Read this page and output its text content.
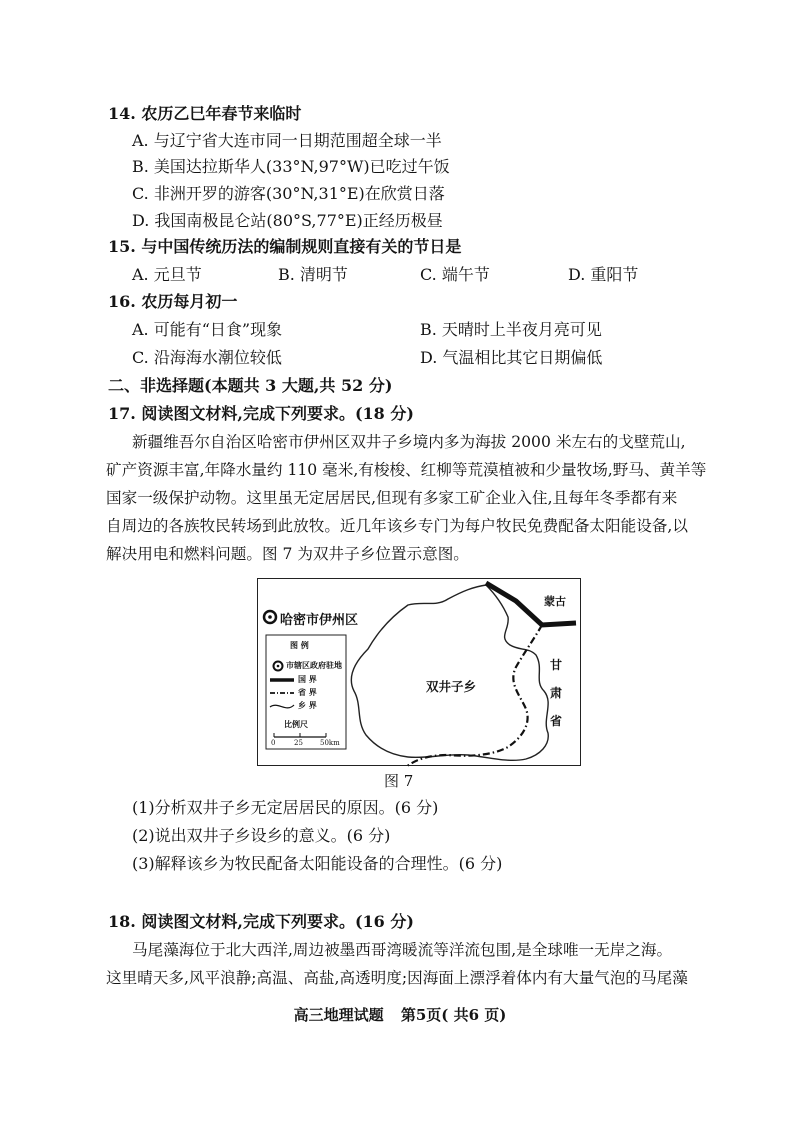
14. 农历乙巳年春节来临时
A. 与辽宁省大连市同一日期范围超全球一半
B. 美国达拉斯华人(33°N,97°W)已吃过午饭
C. 非洲开罗的游客(30°N,31°E)在欣赏日落
D. 我国南极昆仑站(80°S,77°E)正经历极昼
15. 与中国传统历法的编制规则直接有关的节日是
A. 元旦节	B. 清明节	C. 端午节	D. 重阳节
16. 农历每月初一
A. 可能有“日食”现象	B. 天晴时上半夜月亮可见
C. 沿海海水潮位较低	D. 气温相比其它日期偏低
二、非选择题(本题共 3 大题,共 52 分)
17. 阅读图文材料,完成下列要求。(18 分)
新疆维吾尔自治区哈密市伊州区双井子乡境内多为海拔 2000 米左右的戈壁荒山,
矿产资源丰富,年降水量约 110 毫米,有梭梭、红柳等荒漠植被和少量牧场,野马、黄羊等
国家一级保护动物。这里虽无定居居民,但现有多家工矿企业入住,且每年冬季都有来
自周边的各族牧民转场到此放牧。近几年该乡专门为每户牧民免费配备太阳能设备,以
解决用电和燃料问题。图 7 为双井子乡位置示意图。
哈密市伊州区
双井子乡
蒙古
甘肃省
图 例
市辖区政府驻地
国 界
省 界
乡 界
比例尺
0	25 50km
图 7
(1)分析双井子乡无定居居民的原因。(6 分)
(2)说出双井子乡设乡的意义。(6 分)
(3)解释该乡为牧民配备太阳能设备的合理性。(6 分)
18. 阅读图文材料,完成下列要求。(16 分)
马尾藻海位于北大西洋,周边被墨西哥湾暖流等洋流包围,是全球唯一无岸之海。
这里晴天多,风平浪静;高温、高盐,高透明度;因海面上漂浮着体内有大量气泡的马尾藻
高三地理试题 第5页( 共6 页)
